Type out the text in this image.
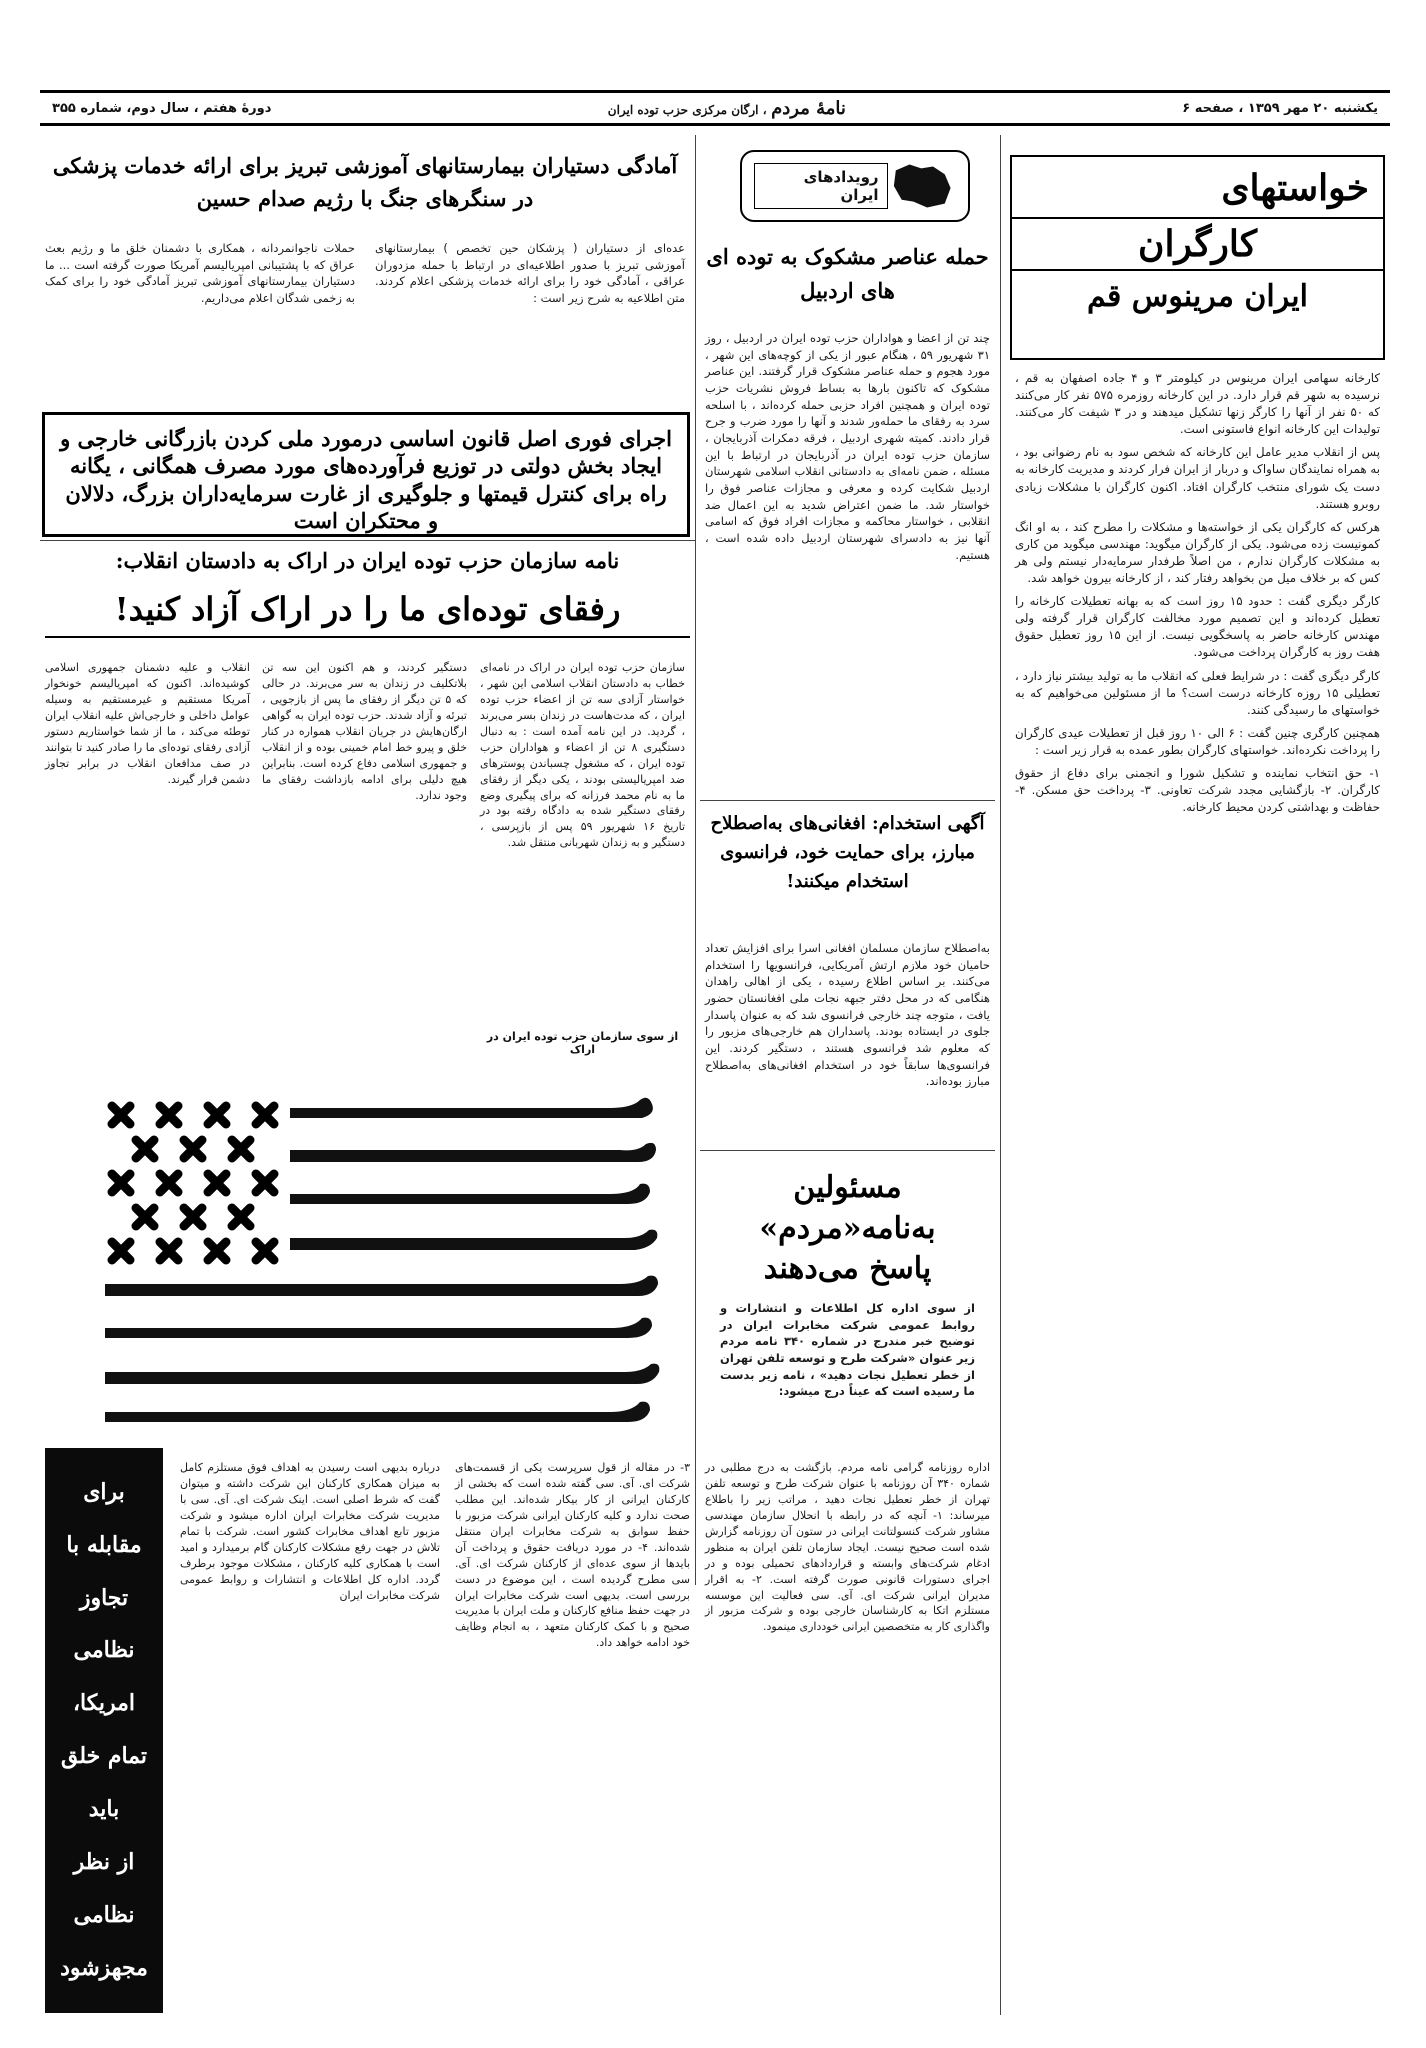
یکشنبه ۲۰ مهر ۱۳۵۹ ، صفحه ۶
نامهٔ مردم ، ارگان مرکزی حزب توده ایران
دورهٔ هفتم ، سال دوم، شماره ۳۵۵
آمادگی دستیاران بیمارستانهای آموزشی تبریز برای ارائه خدمات پزشکی در سنگرهای جنگ با رژیم صدام حسین
عده‌ای از دستیاران ( پزشکان حین تخصص ) بیمارستانهای آموزشی تبریز با صدور اطلاعیه‌ای در ارتباط با حمله مزدوران عراقی ، آمادگی خود را برای ارائه خدمات پزشکی اعلام کردند. متن اطلاعیه به شرح زیر است :
حملات ناجوانمردانه ، همکاری با دشمنان خلق ما و رژیم بعث عراق که با پشتیبانی امپریالیسم آمریکا صورت گرفته است ... ما دستیاران بیمارستانهای آموزشی تبریز آمادگی خود را برای کمک به زخمی شدگان اعلام می‌داریم.
اجرای فوری اصل قانون اساسی درمورد ملی کردن بازرگانی خارجی و ایجاد بخش دولتی در توزیع فرآورده‌های مورد مصرف همگانی ، یگانه راه برای کنترل قیمتها و جلوگیری از غارت سرمایه‌داران بزرگ، دلالان و محتکران است
نامه سازمان حزب توده ایران در اراک به دادستان انقلاب:
رفقای توده‌ای ما را در اراک آزاد کنید!
سازمان حزب توده ایران در اراک در نامه‌ای خطاب به دادستان انقلاب اسلامی این شهر ، خواستار آزادی سه تن از اعضاء حزب توده ایران ، که مدت‌هاست در زندان بسر می‌برند ، گردید. در این نامه آمده است : به دنبال دستگیری ۸ تن از اعضاء و هواداران حزب توده ایران ، که مشغول چسباندن پوسترهای ضد امپریالیستی بودند ، یکی دیگر از رفقای ما به نام محمد فرزانه که برای پیگیری وضع رفقای دستگیر شده به دادگاه رفته بود در تاریخ ۱۶ شهریور ۵۹ پس از بازپرسی ، دستگیر و به زندان شهربانی منتقل شد.
دستگیر کردند، و هم اکنون این سه تن بلاتکلیف در زندان به سر می‌برند. در حالی که ۵ تن دیگر از رفقای ما پس از بازجویی ، تبرئه و آزاد شدند. حزب توده ایران به گواهی ارگان‌هایش در جریان انقلاب همواره در کنار خلق و پیرو خط امام خمینی بوده و از انقلاب و جمهوری اسلامی دفاع کرده است. بنابراین هیچ دلیلی برای ادامه بازداشت رفقای ما وجود ندارد.
انقلاب و علیه دشمنان جمهوری اسلامی کوشیده‌اند. اکنون که امپریالیسم خونخوار آمریکا مستقیم و غیرمستقیم به وسیله عوامل داخلی و خارجی‌اش علیه انقلاب ایران توطئه می‌کند ، ما از شما خواستاریم دستور آزادی رفقای توده‌ای ما را صادر کنید تا بتوانند در صف مدافعان انقلاب در برابر تجاوز دشمن قرار گیرند.
از سوی سازمان حزب توده ایران در اراک
رویدادهای ایران
حمله عناصر مشکوک به توده ای های اردبیل
چند تن از اعضا و هواداران حزب توده ایران در اردبیل ، روز ۳۱ شهریور ۵۹ ، هنگام عبور از یکی از کوچه‌های این شهر ، مورد هجوم و حمله عناصر مشکوک قرار گرفتند. این عناصر مشکوک که تاکنون بارها به بساط فروش نشریات حزب توده ایران و همچنین افراد حزبی حمله کرده‌اند ، با اسلحه سرد به رفقای ما حمله‌ور شدند و آنها را مورد ضرب و جرح قرار دادند. کمیته شهری اردبیل ، فرقه دمکرات آذربایجان ، سازمان حزب توده ایران در آذربایجان در ارتباط با این مسئله ، ضمن نامه‌ای به دادستانی انقلاب اسلامی شهرستان اردبیل شکایت کرده و معرفی و مجازات عناصر فوق را خواستار شد. ما ضمن اعتراض شدید به این اعمال ضد انقلابی ، خواستار محاکمه و مجازات افراد فوق که اسامی آنها نیز به دادسرای شهرستان اردبیل داده شده است ، هستیم.
آگهی استخدام: افغانی‌های به‌اصطلاح مبارز، برای حمایت خود، فرانسوی استخدام میکنند!
به‌اصطلاح سازمان مسلمان افغانی اسرا برای افزایش تعداد حامیان خود ملازم ارتش آمریکایی، فرانسویها را استخدام می‌کنند. بر اساس اطلاع رسیده ، یکی از اهالی راهدان هنگامی که در محل دفتر جبهه نجات ملی افغانستان حضور یافت ، متوجه چند خارجی فرانسوی شد که به عنوان پاسدار جلوی در ایستاده بودند. پاسداران هم خارجی‌های مزبور را که معلوم شد فرانسوی هستند ، دستگیر کردند. این فرانسوی‌ها سابقاً خود در استخدام افغانی‌های به‌اصطلاح مبارز بوده‌اند.
مسئولین به‌نامه‌«مردم»
پاسخ می‌دهند
از سوی اداره کل اطلاعات و انتشارات و روابط عمومی شرکت مخابرات ایران در توضیح خبر مندرج در شماره ۳۴۰ نامه مردم زیر عنوان «شرکت طرح و توسعه تلفن تهران از خطر تعطیل نجات دهید» ، نامه زیر بدست ما رسیده است که عیناً درج میشود:
اداره روزنامه گرامی نامه مردم. بازگشت به درج مطلبی در شماره ۳۴۰ آن روزنامه با عنوان شرکت طرح و توسعه تلفن تهران از خطر تعطیل نجات دهید ، مراتب زیر را باطلاع میرساند: ۱- آنچه که در رابطه با انحلال سازمان مهندسی مشاور شرکت کنسولتانت ایرانی در ستون آن روزنامه گزارش شده است صحیح نیست. ایجاد سازمان تلفن ایران به منظور ادغام شرکت‌های وابسته و قراردادهای تحمیلی بوده و در اجرای دستورات قانونی صورت گرفته است. ۲- به اقرار مدیران ایرانی شرکت ای. آی. سی فعالیت این موسسه مستلزم اتکا به کارشناسان خارجی بوده و شرکت مزبور از واگذاری کار به متخصصین ایرانی خودداری مینمود.
۳- در مقاله از قول سرپرست یکی از قسمت‌های شرکت ای. آی. سی گفته شده است که بخشی از کارکنان ایرانی از کار بیکار شده‌اند. این مطلب صحت ندارد و کلیه کارکنان ایرانی شرکت مزبور با حفظ سوابق به شرکت مخابرات ایران منتقل شده‌اند. ۴- در مورد دریافت حقوق و پرداخت آن بایدها از سوی عده‌ای از کارکنان شرکت ای. آی. سی مطرح گردیده است ، این موضوع در دست بررسی است. بدیهی است شرکت مخابرات ایران در جهت حفظ منافع کارکنان و ملت ایران با مدیریت صحیح و با کمک کارکنان متعهد ، به انجام وظایف خود ادامه خواهد داد.
درباره بدیهی است رسیدن به اهداف فوق مستلزم کامل به میزان همکاری کارکنان این شرکت داشته و میتوان گفت که شرط اصلی است. اینک شرکت ای. آی. سی با مدیریت شرکت مخابرات ایران اداره میشود و شرکت مزبور تابع اهداف مخابرات کشور است. شرکت با تمام تلاش در جهت رفع مشکلات کارکنان گام برمیدارد و امید است با همکاری کلیه کارکنان ، مشکلات موجود برطرف گردد. اداره کل اطلاعات و انتشارات و روابط عمومی شرکت مخابرات ایران
خواستهای
کارگران
ایران مرینوس قم

کارخانه سهامی ایران مرینوس در کیلومتر ۳ و ۴ جاده اصفهان به قم ، نرسیده به شهر قم قرار دارد. در این کارخانه روزمره ۵۷۵ نفر کار می‌کنند که ۵۰ نفر از آنها را کارگر زنها تشکیل میدهند و در ۳ شیفت کار می‌کنند. تولیدات این کارخانه انواع فاستونی است.

پس از انقلاب مدیر عامل این کارخانه که شخص سود به نام رضوانی بود ، به همراه نمایندگان ساواک و دربار از ایران فرار کردند و مدیریت کارخانه به دست یک شورای منتخب کارگران افتاد. اکنون کارگران با مشکلات زیادی روبرو هستند.

هرکس که کارگران یکی از خواسته‌ها و مشکلات را مطرح کند ، به او انگ کمونیست زده می‌شود. یکی از کارگران میگوید: مهندسی میگوید من کاری به مشکلات کارگران ندارم ، من اصلاً طرفدار سرمایه‌دار نیستم ولی هر کس که بر خلاف میل من بخواهد رفتار کند ، از کارخانه بیرون خواهد شد.

کارگر دیگری گفت : حدود ۱۵ روز است که به بهانه تعطیلات کارخانه را تعطیل کرده‌اند و این تصمیم مورد مخالفت کارگران قرار گرفته ولی مهندس کارخانه حاضر به پاسخگویی نیست. از این ۱۵ روز تعطیل حقوق هفت روز به کارگران پرداخت می‌شود.

کارگر دیگری گفت : در شرایط فعلی که انقلاب ما به تولید بیشتر نیاز دارد ، تعطیلی ۱۵ روزه کارخانه درست است؟ ما از مسئولین می‌خواهیم که به خواستهای ما رسیدگی کنند.

همچنین کارگری چنین گفت : ۶ الی ۱۰ روز قبل از تعطیلات عیدی کارگران را پرداخت نکرده‌اند. خواستهای کارگران بطور عمده به قرار زیر است :

۱- حق انتخاب نماینده و تشکیل شورا و انجمنی برای دفاع از حقوق کارگران. ۲- بازگشایی مجدد شرکت تعاونی. ۳- پرداخت حق مسکن. ۴- حفاظت و بهداشتی کردن محیط کارخانه.

برای
مقابله با
تجاوز
نظامی
امریکا،
تمام خلق
باید
از نظر
نظامی
مجهزشود
